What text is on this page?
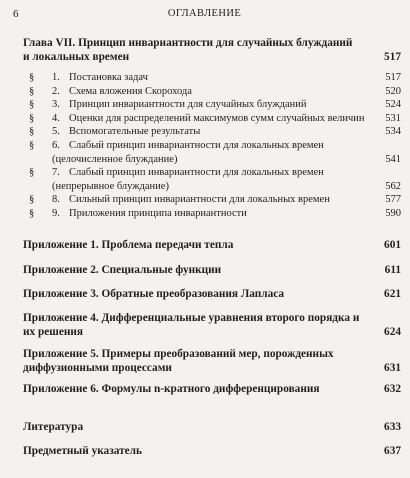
6	ОГЛАВЛЕНИЕ
Глава VII. Принцип инвариантности для случайных блужданий и локальных времен	517
§ 1. Постановка задач	517
§ 2. Схема вложения Скорохода	520
§ 3. Принцип инвариантности для случайных блужданий	524
§ 4. Оценки для распределений максимумов сумм случайных величин 531
§ 5. Вспомогательные результаты	534
§ 6. Слабый принцип инвариантности для локальных времен (целочисленное блуждание)	541
§ 7. Слабый принцип инвариантности для локальных времен (непрерывное блуждание)	562
§ 8. Сильный принцип инвариантности для локальных времен	577
§ 9. Приложения принципа инвариантности	590
Приложение 1. Проблема передачи тепла	601
Приложение 2. Специальные функции	611
Приложение 3. Обратные преобразования Лапласа	621
Приложение 4. Дифференциальные уравнения второго порядка и их решения	624
Приложение 5. Примеры преобразований мер, порожденных диффузионными процессами	631
Приложение 6. Формулы n-кратного дифференцирования	632
Литература	633
Предметный указатель	637
